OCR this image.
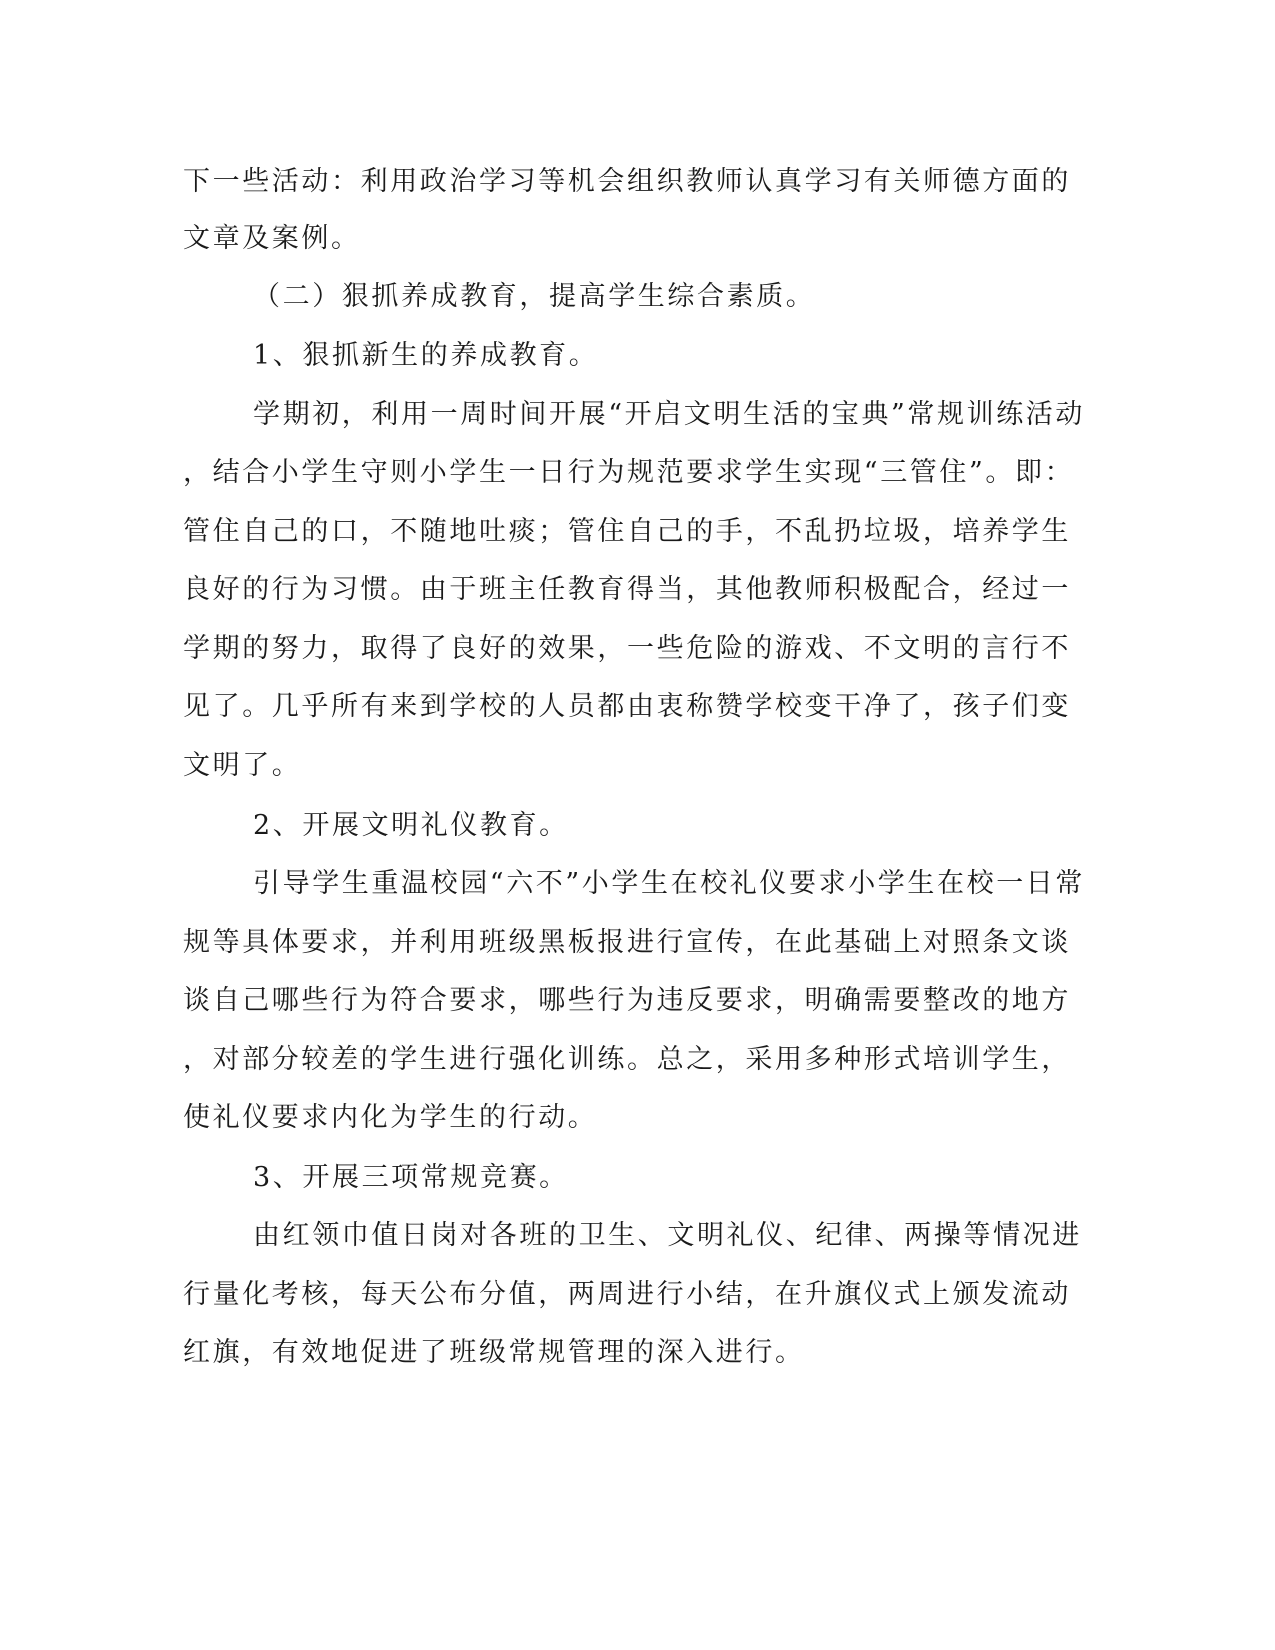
下一些活动：利用政治学习等机会组织教师认真学习有关师德方面的
文章及案例。
（二）狠抓养成教育，提高学生综合素质。
1、狠抓新生的养成教育。
学期初，利用一周时间开展“开启文明生活的宝典”常规训练活动
，结合小学生守则小学生一日行为规范要求学生实现“三管住”。即：
管住自己的口，不随地吐痰；管住自己的手，不乱扔垃圾，培养学生
良好的行为习惯。由于班主任教育得当，其他教师积极配合，经过一
学期的努力，取得了良好的效果，一些危险的游戏、不文明的言行不
见了。几乎所有来到学校的人员都由衷称赞学校变干净了，孩子们变
文明了。
2、开展文明礼仪教育。
引导学生重温校园“六不”小学生在校礼仪要求小学生在校一日常
规等具体要求，并利用班级黑板报进行宣传，在此基础上对照条文谈
谈自己哪些行为符合要求，哪些行为违反要求，明确需要整改的地方
，对部分较差的学生进行强化训练。总之，采用多种形式培训学生，
使礼仪要求内化为学生的行动。
3、开展三项常规竞赛。
由红领巾值日岗对各班的卫生、文明礼仪、纪律、两操等情况进
行量化考核，每天公布分值，两周进行小结，在升旗仪式上颁发流动
红旗，有效地促进了班级常规管理的深入进行。
